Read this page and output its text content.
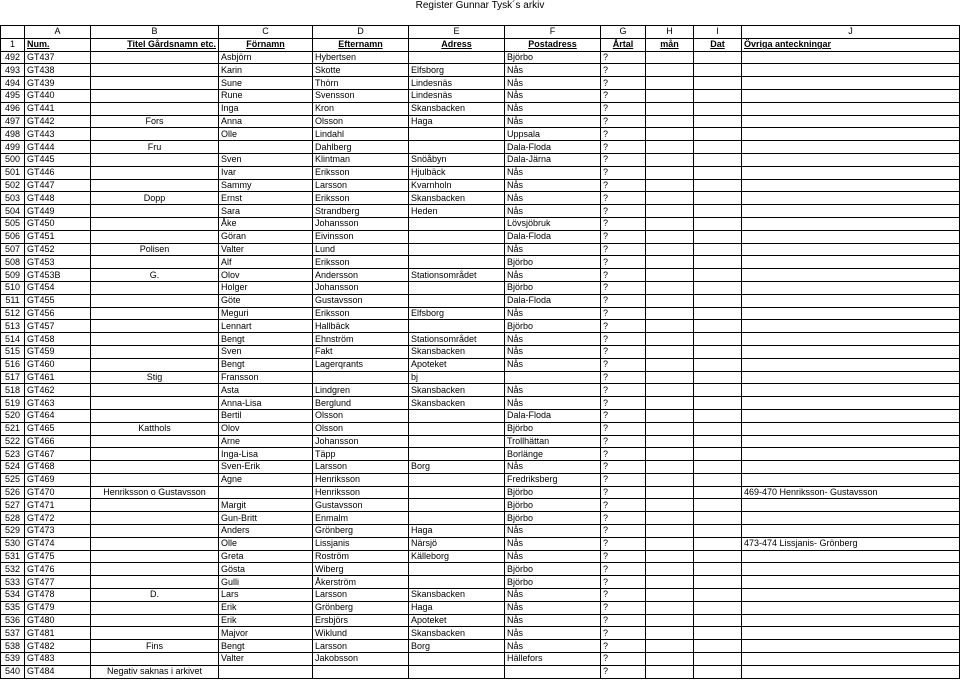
Register Gunnar Tysk´s arkiv
	A	B	C	D	E	F	G	H	I	J
1	Num.	Titel Gårdsnamn etc.	Förnamn	Efternamn	Adress	Postadress	Årtal	mån	Dat	Övriga anteckningar
492	GT437		Asbjörn	Hybertsen		Björbo	?			
493	GT438		Karin	Skotte	Elfsborg	Nås	?			
494	GT439		Sune	Thörn	Lindesnäs	Nås	?			
495	GT440		Rune	Svensson	Lindesnäs	Nås	?			
496	GT441		Inga	Kron	Skansbacken	Nås	?			
497	GT442	Fors	Anna	Olsson	Haga	Nås	?			
498	GT443		Olle	Lindahl		Uppsala	?			
499	GT444	Fru		Dahlberg		Dala-Floda	?			
500	GT445		Sven	Klintman	Snöåbyn	Dala-Järna	?			
501	GT446		Ivar	Eriksson	Hjulbäck	Nås	?			
502	GT447		Sammy	Larsson	Kvarnholn	Nås	?			
503	GT448	Dopp	Ernst	Eriksson	Skansbacken	Nås	?			
504	GT449		Sara	Strandberg	Heden	Nås	?			
505	GT450		Åke	Johansson		Lövsjöbruk	?			
506	GT451		Göran	Eivinsson		Dala-Floda	?			
507	GT452	Polisen	Valter	Lund		Nås	?			
508	GT453		Alf	Eriksson		Björbo	?			
509	GT453B	G.	Olov	Andersson	Stationsområdet	Nås	?			
510	GT454		Holger	Johansson		Björbo	?			
511	GT455		Göte	Gustavsson		Dala-Floda	?			
512	GT456		Meguri	Eriksson	Elfsborg	Nås	?			
513	GT457		Lennart	Hallbäck		Björbo	?			
514	GT458		Bengt	Ehnström	Stationsområdet	Nås	?			
515	GT459		Sven	Fakt	Skansbacken	Nås	?			
516	GT460		Bengt	Lagerqrants	Apoteket	Nås	?			
517	GT461	Stig	Fransson		bj		?			
518	GT462		Asta	Lindgren	Skansbacken	Nås	?			
519	GT463		Anna-Lisa	Berglund	Skansbacken	Nås	?			
520	GT464		Bertil	Olsson		Dala-Floda	?			
521	GT465	Katthols	Olov	Olsson		Björbo	?			
522	GT466		Arne	Johansson		Trollhättan	?			
523	GT467		Inga-Lisa	Täpp		Borlänge	?			
524	GT468		Sven-Erik	Larsson	Borg	Nås	?			
525	GT469		Agne	Henriksson		Fredriksberg	?			
526	GT470	Henriksson o Gustavsson		Henriksson		Björbo	?			469-470 Henriksson- Gustavsson
527	GT471		Margit	Gustavsson		Björbo	?			
528	GT472		Gun-Britt	Enmalm		Björbo	?			
529	GT473		Anders	Grönberg	Haga	Nås	?			
530	GT474		Olle	Lissjanis	Närsjö	Nås	?			473-474 Lissjanis- Grönberg
531	GT475		Greta	Roström	Källeborg	Nås	?			
532	GT476		Gösta	Wiberg		Björbo	?			
533	GT477		Gulli	Åkerström		Björbo	?			
534	GT478	D.	Lars	Larsson	Skansbacken	Nås	?			
535	GT479		Erik	Grönberg	Haga	Nås	?			
536	GT480		Erik	Ersbjörs	Apoteket	Nås	?			
537	GT481		Majvor	Wiklund	Skansbacken	Nås	?			
538	GT482	Fins	Bengt	Larsson	Borg	Nås	?			
539	GT483		Valter	Jakobsson		Hällefors	?			
540	GT484	Negativ saknas i arkivet					?			
